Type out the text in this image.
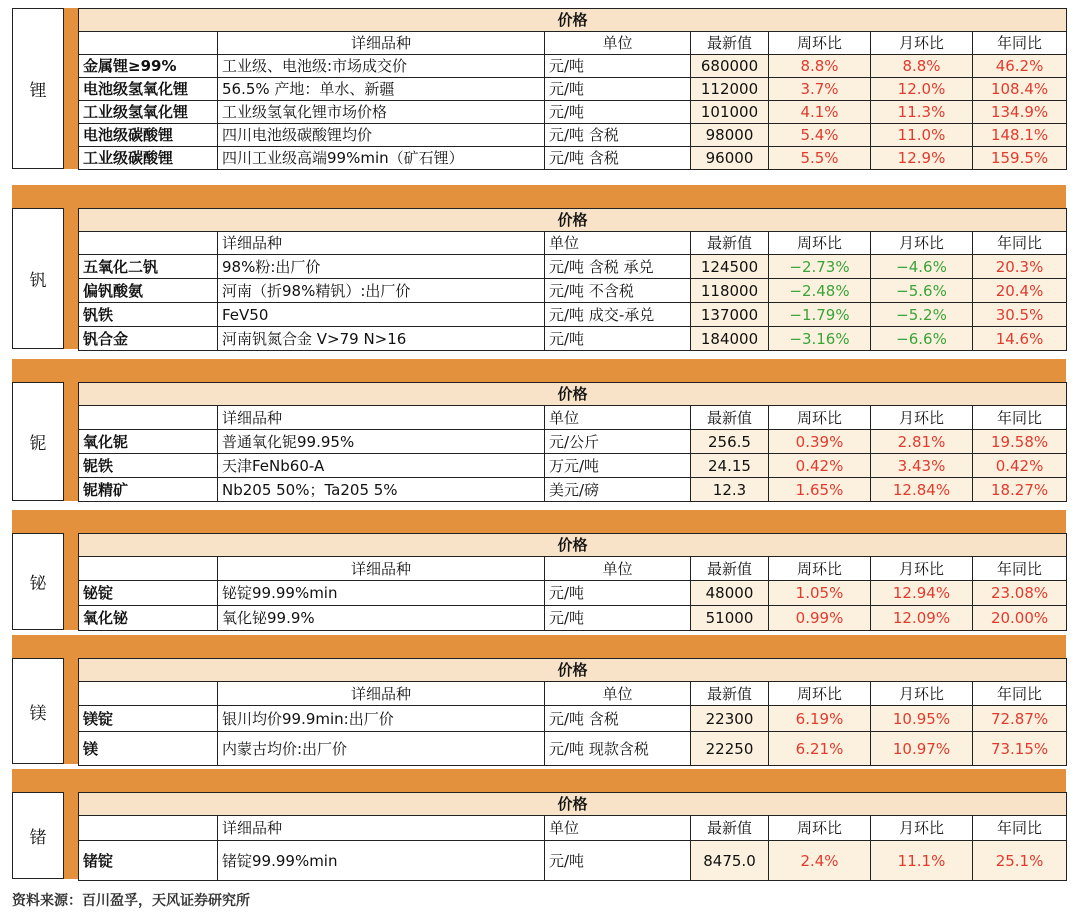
锂
价格						
	详细品种	单位	最新值	周环比	月环比	年同比
金属锂≥99%	工业级、电池级:市场成交价	元/吨	680000	8.8%	8.8%	46.2%
电池级氢氧化锂	56.5% 产地：单水、新疆	元/吨	112000	3.7%	12.0%	108.4%
工业级氢氧化锂	工业级氢氧化锂市场价格	元/吨	101000	4.1%	11.3%	134.9%
电池级碳酸锂	四川电池级碳酸锂均价	元/吨 含税	98000	5.4%	11.0%	148.1%
工业级碳酸锂	四川工业级高端99%min（矿石锂）	元/吨 含税	96000	5.5%	12.9%	159.5%
钒
价格						
	详细品种	单位	最新值	周环比	月环比	年同比
五氧化二钒	98%粉:出厂价	元/吨 含税 承兑	124500	−2.73%	−4.6%	20.3%
偏钒酸氨	河南（折98%精钒）:出厂价	元/吨 不含税	118000	−2.48%	−5.6%	20.4%
钒铁	FeV50	元/吨 成交-承兑	137000	−1.79%	−5.2%	30.5%
钒合金	河南钒氮合金 V>79 N>16	元/吨	184000	−3.16%	−6.6%	14.6%
铌
价格						
	详细品种	单位	最新值	周环比	月环比	年同比
氧化铌	普通氧化铌99.95%	元/公斤	256.5	0.39%	2.81%	19.58%
铌铁	天津FeNb60-A	万元/吨	24.15	0.42%	3.43%	0.42%
铌精矿	Nb205 50%；Ta205 5%	美元/磅	12.3	1.65%	12.84%	18.27%
铋
价格						
	详细品种	单位	最新值	周环比	月环比	年同比
铋锭	铋锭99.99%min	元/吨	48000	1.05%	12.94%	23.08%
氧化铋	氧化铋99.9%	元/吨	51000	0.99%	12.09%	20.00%
镁
价格						
	详细品种	单位	最新值	周环比	月环比	年同比
镁锭	银川均价99.9min:出厂价	元/吨 含税	22300	6.19%	10.95%	72.87%
镁	内蒙古均价:出厂价	元/吨 现款含税	22250	6.21%	10.97%	73.15%
锗
价格						
	详细品种	单位	最新值	周环比	月环比	年同比
锗锭	锗锭99.99%min	元/吨	8475.0	2.4%	11.1%	25.1%
资料来源：百川盈孚，天风证券研究所
